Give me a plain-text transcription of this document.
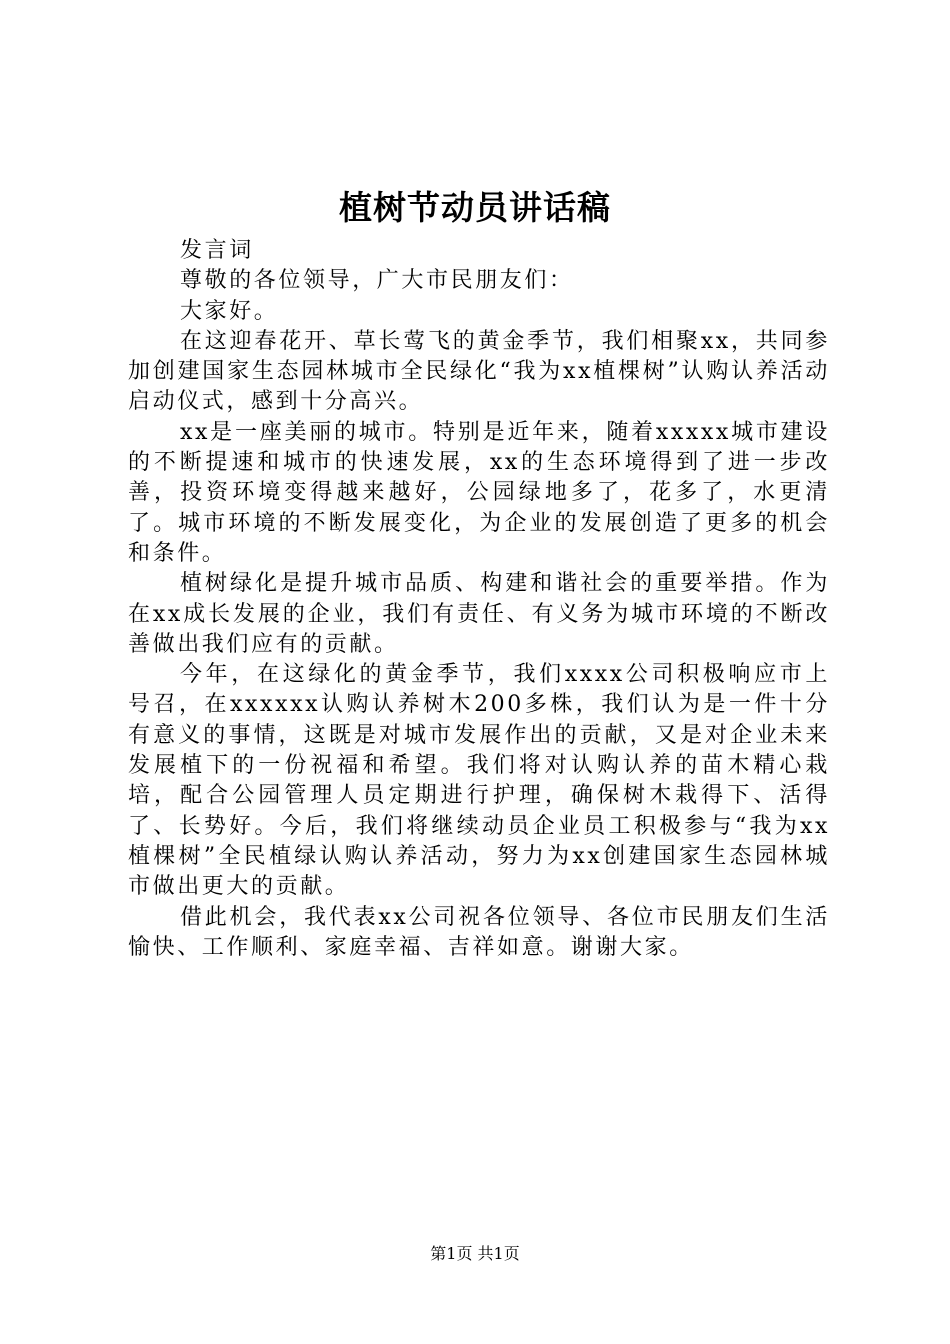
植树节动员讲话稿

发言词

尊敬的各位领导，广大市民朋友们：

大家好。

在这迎春花开、草长莺飞的黄金季节，我们相聚xx，共同参加创建国家生态园林城市全民绿化“我为xx植棵树”认购认养活动启动仪式，感到十分高兴。

xx是一座美丽的城市。特别是近年来，随着xxxxx城市建设的不断提速和城市的快速发展，xx的生态环境得到了进一步改善，投资环境变得越来越好，公园绿地多了，花多了，水更清了。城市环境的不断发展变化，为企业的发展创造了更多的机会和条件。

植树绿化是提升城市品质、构建和谐社会的重要举措。作为在xx成长发展的企业，我们有责任、有义务为城市环境的不断改善做出我们应有的贡献。

今年，在这绿化的黄金季节，我们xxxx公司积极响应市上号召，在xxxxxx认购认养树木200多株，我们认为是一件十分有意义的事情，这既是对城市发展作出的贡献，又是对企业未来发展植下的一份祝福和希望。我们将对认购认养的苗木精心栽培，配合公园管理人员定期进行护理，确保树木栽得下、活得了、长势好。今后，我们将继续动员企业员工积极参与“我为xx植棵树”全民植绿认购认养活动，努力为xx创建国家生态园林城市做出更大的贡献。

借此机会，我代表xx公司祝各位领导、各位市民朋友们生活愉快、工作顺利、家庭幸福、吉祥如意。谢谢大家。

第1页 共1页
